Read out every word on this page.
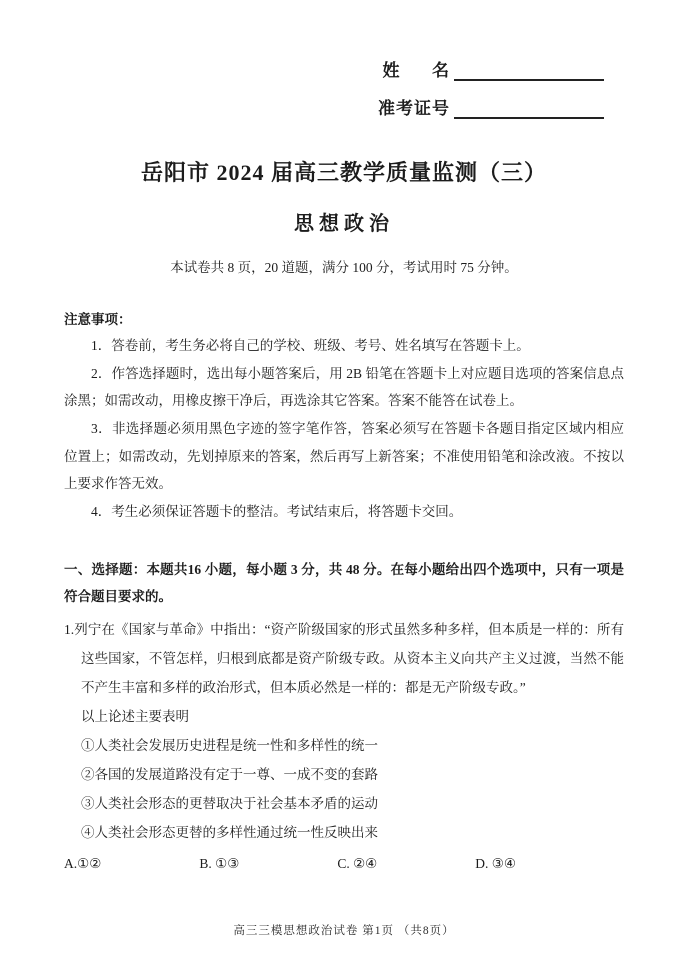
姓      名
准考证号
岳阳市 2024 届高三教学质量监测（三）
思想政治

本试卷共 8 页，20 道题，满分 100 分，考试用时 75 分钟。

注意事项：

1．答卷前，考生务必将自己的学校、班级、考号、姓名填写在答题卡上。

2．作答选择题时，选出每小题答案后，用 2B 铅笔在答题卡上对应题目选项的答案信息点涂黑；如需改动，用橡皮擦干净后，再选涂其它答案。答案不能答在试卷上。

3．非选择题必须用黑色字迹的签字笔作答，答案必须写在答题卡各题目指定区域内相应位置上；如需改动，先划掉原来的答案，然后再写上新答案；不准使用铅笔和涂改液。不按以上要求作答无效。

4．考生必须保证答题卡的整洁。考试结束后，将答题卡交回。

一、选择题：本题共16 小题，每小题 3 分，共 48 分。在每小题给出四个选项中，只有一项是符合题目要求的。

1.列宁在《国家与革命》中指出：“资产阶级国家的形式虽然多种多样，但本质是一样的：所有这些国家，不管怎样，归根到底都是资产阶级专政。从资本主义向共产主义过渡，当然不能不产生丰富和多样的政治形式，但本质必然是一样的：都是无产阶级专政。”

以上论述主要表明

①人类社会发展历史进程是统一性和多样性的统一

②各国的发展道路没有定于一尊、一成不变的套路

③人类社会形态的更替取决于社会基本矛盾的运动

④人类社会形态更替的多样性通过统一性反映出来

A.①②	B. ①③	C. ②④	D. ③④

高三三模思想政治试卷 第1页 （共8页）
